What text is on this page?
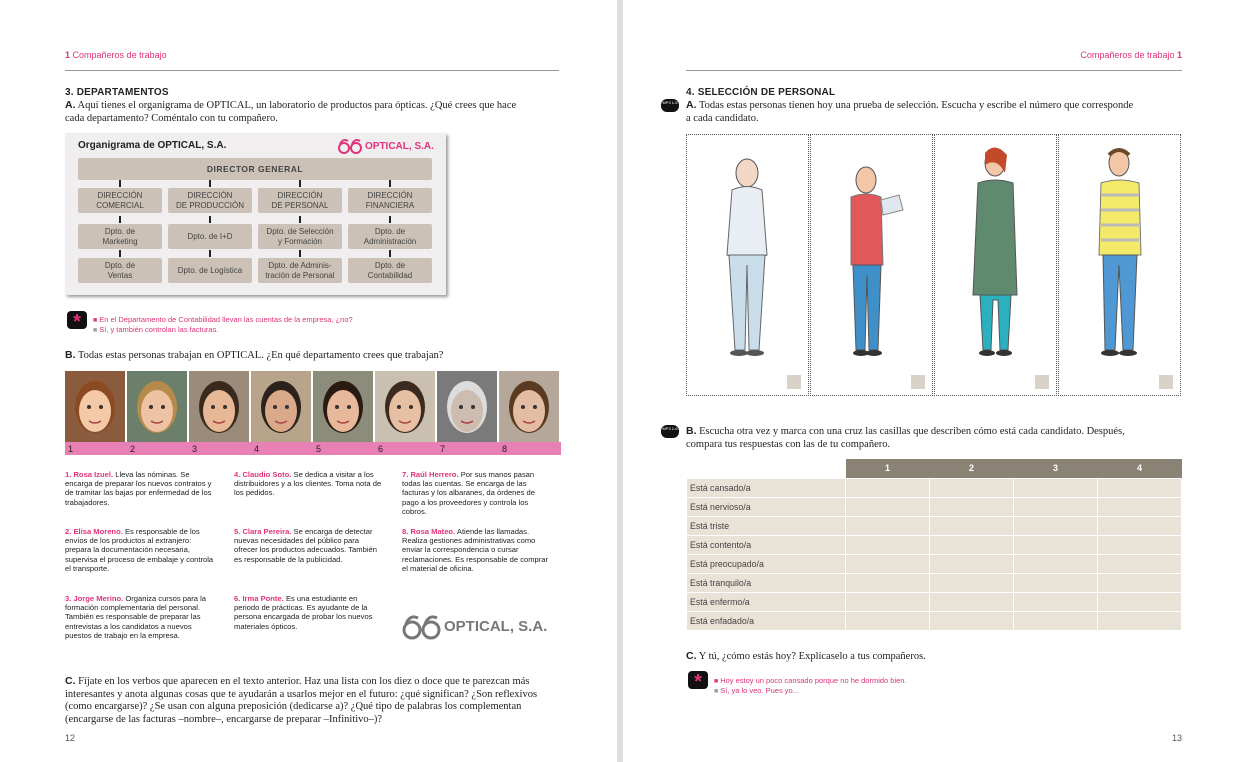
1 Compañeros de trabajo
3. DEPARTAMENTOS
A. Aquí tienes el organigrama de OPTICAL, un laboratorio de productos para ópticas. ¿Qué crees que hace
cada departamento? Coméntalo con tu compañero.
Organigrama de OPTICAL, S.A.	OPTICAL, S.A.
DIRECTOR GENERAL
DIRECCIÓN
COMERCIAL
DIRECCIÓN
DE PRODUCCIÓN
DIRECCIÓN
DE PERSONAL
DIRECCIÓN
FINANCIERA
Dpto. de
Marketing
Dpto. de I+D
Dpto. de Selección
y Formación
Dpto. de
Administración
Dpto. de
Ventas
Dpto. de Logística
Dpto. de Adminis-
tración de Personal
Dpto. de
Contabilidad
*	■ En el Departamento de Contabilidad llevan las cuentas de la empresa, ¿no?
■ Sí, y también controlan las facturas.
B. Todas estas personas trabajan en OPTICAL. ¿En qué departamento crees que trabajan?
1	2	3	4	5	6	7	8
1. Rosa Izuel. Lleva las nóminas. Se encarga de preparar los nuevos contratos y de tramitar las bajas por enfermedad de los trabajadores.
2. Elisa Moreno. Es responsable de los envíos de los productos al extranjero: prepara la documentación necesaria, supervisa el proceso de embalaje y controla el transporte.
3. Jorge Merino. Organiza cursos para la formación complementaria del personal. También es responsable de preparar las entrevistas a los candidatos a nuevos puestos de trabajo en la empresa.
4. Claudio Soto. Se dedica a visitar a los distribuidores y a los clientes. Toma nota de los pedidos.
5. Clara Pereira. Se encarga de detectar nuevas necesidades del público para ofrecer los productos adecuados. También es responsable de la publicidad.
6. Irma Ponte. Es una estudiante en periodo de prácticas. Es ayudante de la persona encargada de probar los nuevos materiales ópticos.
7. Raúl Herrero. Por sus manos pasan todas las cuentas. Se encarga de las facturas y los albaranes, da órdenes de pago a los proveedores y controla los cobros.
8. Rosa Mateo. Atiende las llamadas. Realiza gestiones administrativas como enviar la correspondencia o cursar reclamaciones. Es responsable de comprar el material de oficina.
OPTICAL, S.A.
C. Fíjate en los verbos que aparecen en el texto anterior. Haz una lista con los diez o doce que te parezcan más
interesantes y anota algunas cosas que te ayudarán a usarlos mejor en el futuro: ¿qué significan? ¿Son reflexivos
(como encargarse)? ¿Se usan con alguna preposición (dedicarse a)? ¿Qué tipo de palabras los complementan
(encargarse de las facturas –nombre–, encargarse de preparar –Infinitivo–)?
12
Compañeros de trabajo 1
4. SELECCIÓN DE PERSONAL
MP3 1-5 A. Todas estas personas tienen hoy una prueba de selección. Escucha y escribe el número que corresponde
a cada candidato.
MP3 1-6 B. Escucha otra vez y marca con una cruz las casillas que describen cómo está cada candidato. Después,
compara tus respuestas con las de tu compañero.
C. Y tú, ¿cómo estás hoy? Explícaselo a tus compañeros.
*	■ Hoy estoy un poco cansado porque no he dormido bien.
■ Sí, ya lo veo. Pues yo...
13
	1	2	3	4
Está cansado/a				
Está nervioso/a				
Está triste				
Está contento/a				
Está preocupado/a				
Está tranquilo/a				
Está enfermo/a				
Está enfadado/a				
